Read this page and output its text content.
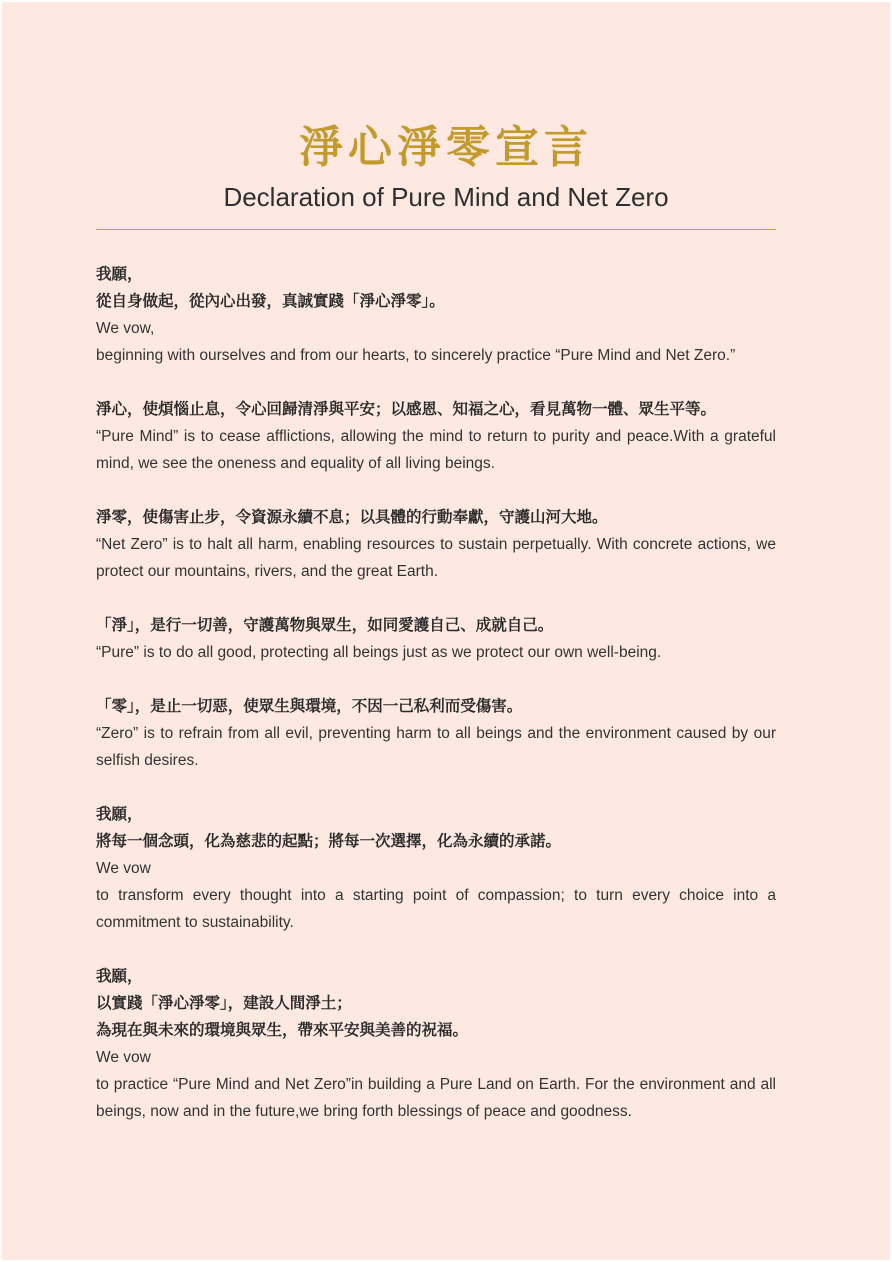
淨心淨零宣言
Declaration of Pure Mind and Net Zero

我願，

從自身做起，從內心出發，真誠實踐「淨心淨零」。

We vow,

beginning with ourselves and from our hearts, to sincerely practice “Pure Mind and Net Zero.”

淨心，使煩惱止息，令心回歸清淨與平安；以感恩、知福之心，看見萬物一體、眾生平等。

“Pure Mind” is to cease afflictions, allowing the mind to return to purity and peace.With a grateful mind, we see the oneness and equality of all living beings.

淨零，使傷害止步，令資源永續不息；以具體的行動奉獻，守護山河大地。

“Net Zero” is to halt all harm, enabling resources to sustain perpetually. With concrete actions, we protect our mountains, rivers, and the great Earth.

「淨」，是行一切善，守護萬物與眾生，如同愛護自己、成就自己。

“Pure” is to do all good, protecting all beings just as we protect our own well-being.

「零」，是止一切惡，使眾生與環境，不因一己私利而受傷害。

“Zero” is to refrain from all evil, preventing harm to all beings and the environment caused by our selfish desires.

我願，

將每一個念頭，化為慈悲的起點；將每一次選擇，化為永續的承諾。

We vow

to transform every thought into a starting point of compassion; to turn every choice into a commitment to sustainability.

我願，

以實踐「淨心淨零」，建設人間淨土；

為現在與未來的環境與眾生，帶來平安與美善的祝福。

We vow

to practice “Pure Mind and Net Zero”in building a Pure Land on Earth. For the environment and all beings, now and in the future,we bring forth blessings of peace and goodness.
